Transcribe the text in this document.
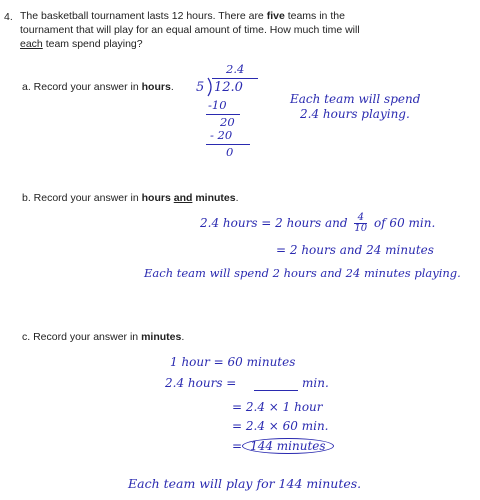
4. The basketball tournament lasts 12 hours. There are five teams in the
tournament that will play for an equal amount of time. How much time will
each team spend playing?
a. Record your answer in hours.
2.4
5 12.0
-10
20
- 20
0
Each team will spend
2.4 hours playing.
b. Record your answer in hours and minutes.
2.4 hours = 2 hours and $\frac{4}{10}$ of 60 min.
= 2 hours and 24 minutes
Each team will spend 2 hours and 24 minutes playing.
c. Record your answer in minutes.
1 hour = 60 minutes
2.4 hours =	min.
= 2.4 × 1 hour
= 2.4 × 60 min.
= 144 minutes
Each team will play for 144 minutes.
